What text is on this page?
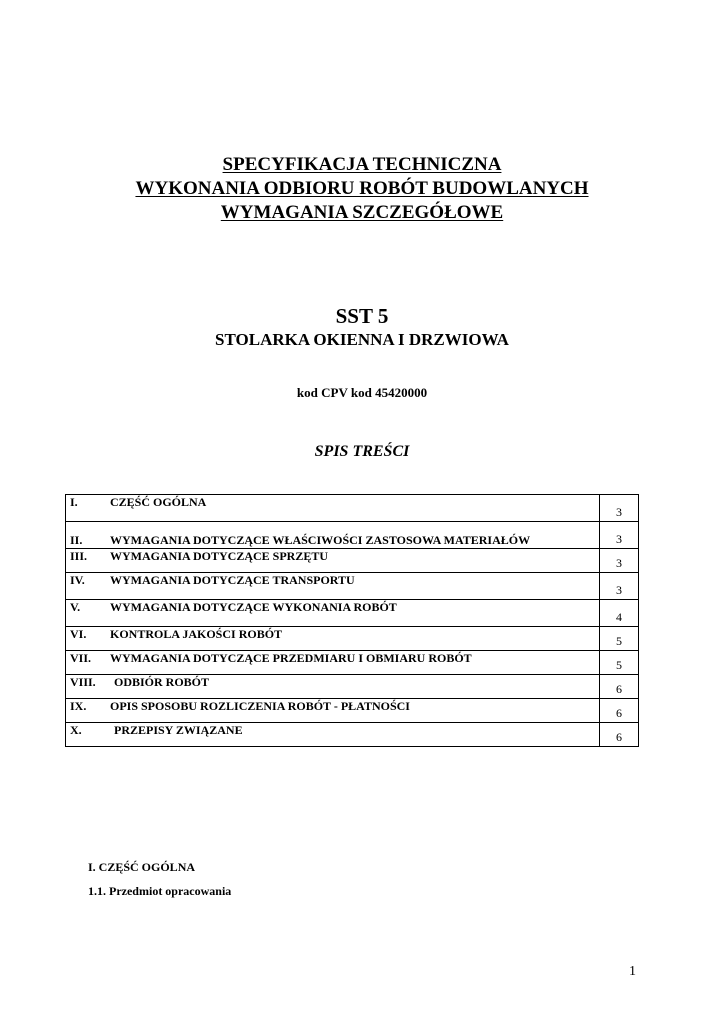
SPECYFIKACJA TECHNICZNA
WYKONANIA ODBIORU ROBÓT BUDOWLANYCH
WYMAGANIA SZCZEGÓŁOWE
SST 5
STOLARKA OKIENNA I DRZWIOWA
kod CPV kod 45420000
SPIS TREŚCI
I. CZĘŚĆ OGÓLNA	3
II. WYMAGANIA DOTYCZĄCE WŁAŚCIWOŚCI ZASTOSOWA MATERIAŁÓW	3
III. WYMAGANIA DOTYCZĄCE SPRZĘTU	3
IV. WYMAGANIA DOTYCZĄCE TRANSPORTU	3
V. WYMAGANIA DOTYCZĄCE WYKONANIA ROBÓT	4
VI. KONTROLA JAKOŚCI ROBÓT	5
VII. WYMAGANIA DOTYCZĄCE PRZEDMIARU I OBMIARU ROBÓT	5
VIII. ODBIÓR ROBÓT	6
IX. OPIS SPOSOBU ROZLICZENIA ROBÓT - PŁATNOŚCI	6
X. PRZEPISY ZWIĄZANE	6
I. CZĘŚĆ OGÓLNA
1.1. Przedmiot opracowania
1
